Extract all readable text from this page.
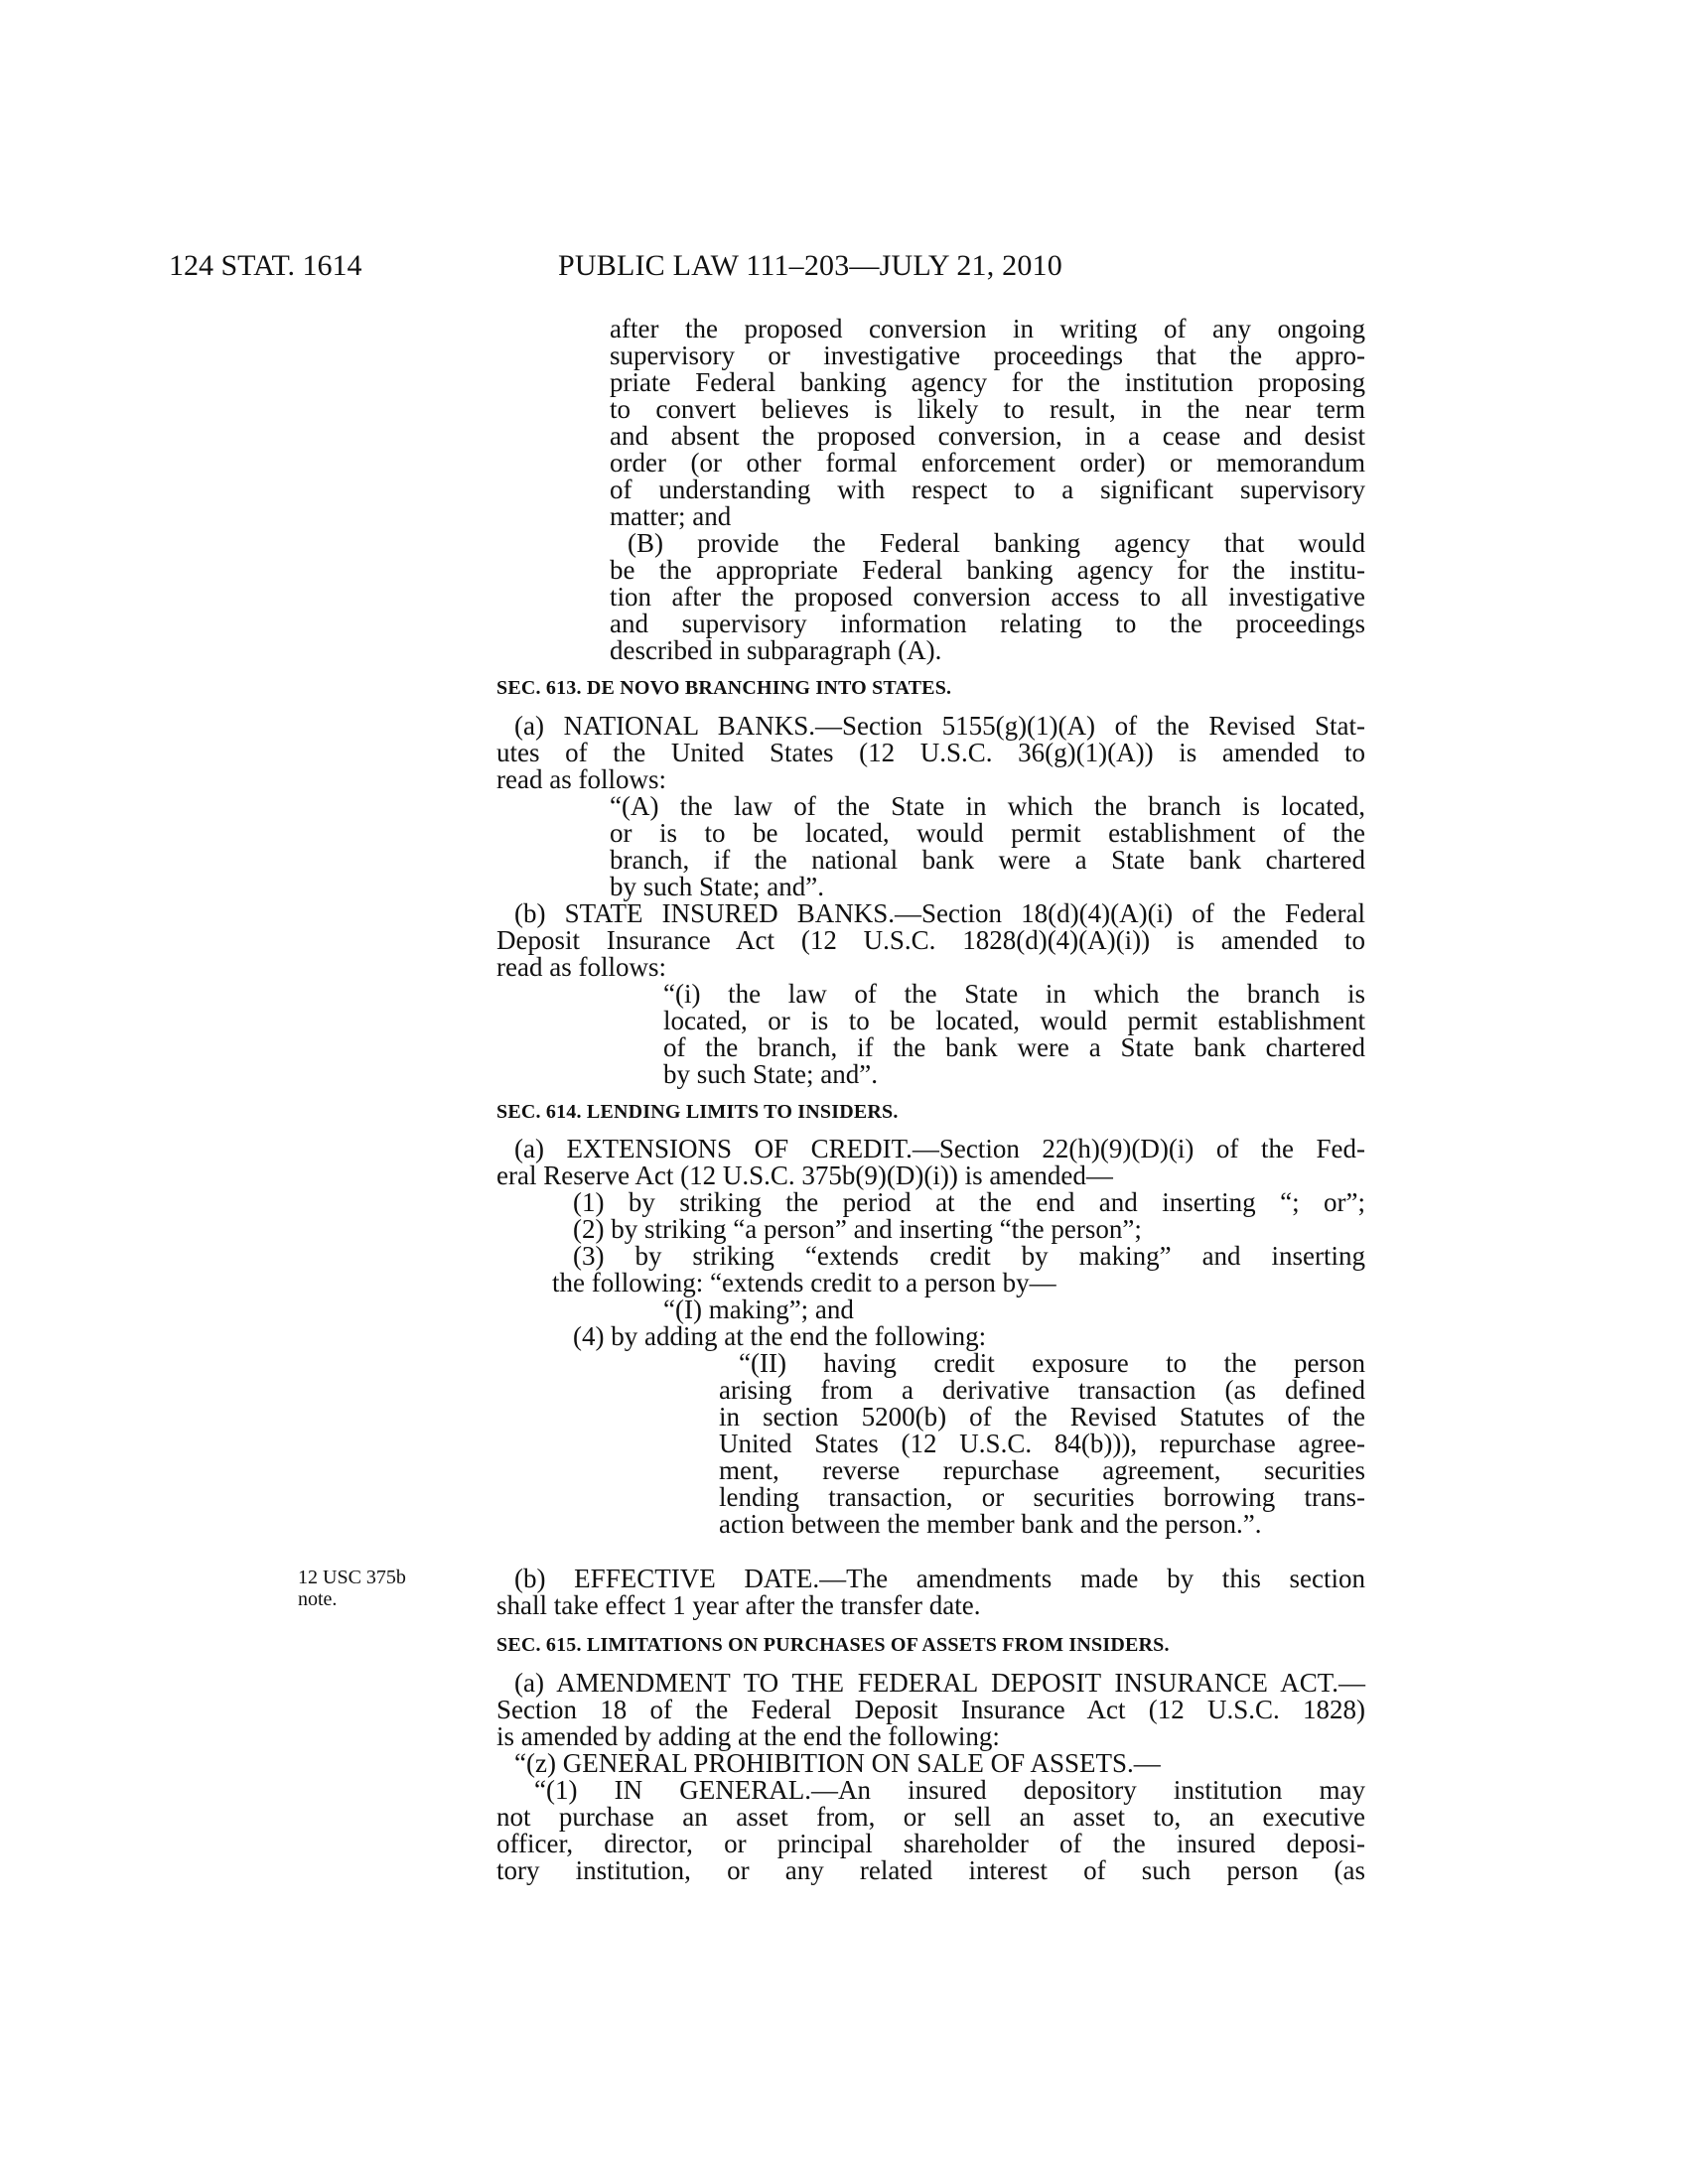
124 STAT. 1614	PUBLIC LAW 111–203—JULY 21, 2010
12 USC 375b
note.
after the proposed conversion in writing of any ongoing
supervisory or investigative proceedings that the appro-
priate Federal banking agency for the institution proposing
to convert believes is likely to result, in the near term
and absent the proposed conversion, in a cease and desist
order (or other formal enforcement order) or memorandum
of understanding with respect to a significant supervisory
matter; and
(B) provide the Federal banking agency that would
be the appropriate Federal banking agency for the institu-
tion after the proposed conversion access to all investigative
and supervisory information relating to the proceedings
described in subparagraph (A).
SEC. 613. DE NOVO BRANCHING INTO STATES.
(a) NATIONAL BANKS.—Section 5155(g)(1)(A) of the Revised Stat-
utes of the United States (12 U.S.C. 36(g)(1)(A)) is amended to
read as follows:
“(A) the law of the State in which the branch is located,
or is to be located, would permit establishment of the
branch, if the national bank were a State bank chartered
by such State; and”.
(b) STATE INSURED BANKS.—Section 18(d)(4)(A)(i) of the Federal
Deposit Insurance Act (12 U.S.C. 1828(d)(4)(A)(i)) is amended to
read as follows:
“(i) the law of the State in which the branch is
located, or is to be located, would permit establishment
of the branch, if the bank were a State bank chartered
by such State; and”.
SEC. 614. LENDING LIMITS TO INSIDERS.
(a) EXTENSIONS OF CREDIT.—Section 22(h)(9)(D)(i) of the Fed-
eral Reserve Act (12 U.S.C. 375b(9)(D)(i)) is amended—
(1) by striking the period at the end and inserting “; or”;
(2) by striking “a person” and inserting “the person”;
(3) by striking “extends credit by making” and inserting
the following: “extends credit to a person by—
“(I) making”; and
(4) by adding at the end the following:
“(II) having credit exposure to the person
arising from a derivative transaction (as defined
in section 5200(b) of the Revised Statutes of the
United States (12 U.S.C. 84(b))), repurchase agree-
ment, reverse repurchase agreement, securities
lending transaction, or securities borrowing trans-
action between the member bank and the person.”.
(b) EFFECTIVE DATE.—The amendments made by this section
shall take effect 1 year after the transfer date.
SEC. 615. LIMITATIONS ON PURCHASES OF ASSETS FROM INSIDERS.
(a) AMENDMENT TO THE FEDERAL DEPOSIT INSURANCE ACT.—
Section 18 of the Federal Deposit Insurance Act (12 U.S.C. 1828)
is amended by adding at the end the following:
“(z) GENERAL PROHIBITION ON SALE OF ASSETS.—
“(1) IN GENERAL.—An insured depository institution may
not purchase an asset from, or sell an asset to, an executive
officer, director, or principal shareholder of the insured deposi-
tory institution, or any related interest of such person (as
